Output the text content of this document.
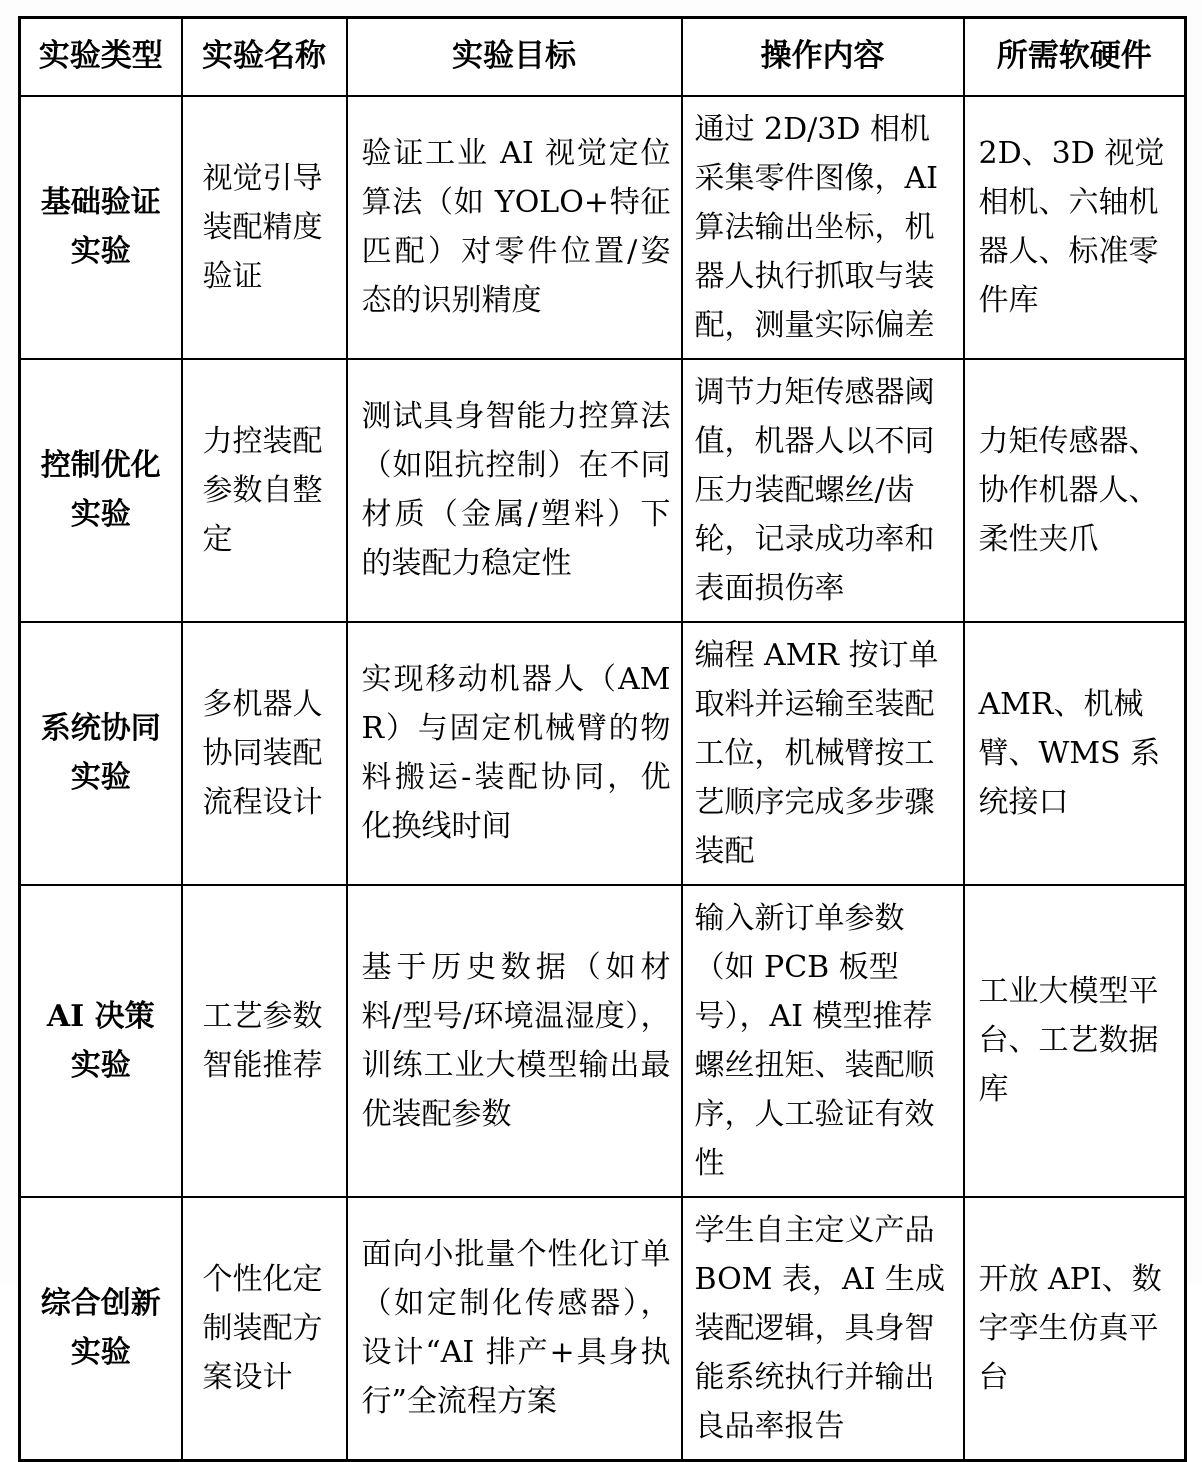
实验类型	实验名称	实验目标	操作内容	所需软硬件
基础验证实验	视觉引导装配精度验证	验证工业 AI 视觉定位算法（如 YOLO+特征匹配）对零件位置/姿态的识别精度	通过 2D/3D 相机采集零件图像，AI 算法输出坐标，机器人执行抓取与装配，测量实际偏差	2D、3D 视觉相机、六轴机器人、标准零件库
控制优化实验	力控装配参数自整定	测试具身智能力控算法（如阻抗控制）在不同材质（金属/塑料）下的装配力稳定性	调节力矩传感器阈值，机器人以不同压力装配螺丝/齿轮，记录成功率和表面损伤率	力矩传感器、协作机器人、柔性夹爪
系统协同实验	多机器人协同装配流程设计	实现移动机器人（AMR）与固定机械臂的物料搬运-装配协同，优化换线时间	编程 AMR 按订单取料并运输至装配工位，机械臂按工艺顺序完成多步骤装配	AMR、机械臂、WMS 系统接口
AI 决策实验	工艺参数智能推荐	基于历史数据（如材料/型号/环境温湿度），训练工业大模型输出最优装配参数	输入新订单参数（如 PCB 板型号），AI 模型推荐螺丝扭矩、装配顺序，人工验证有效性	工业大模型平台、工艺数据库
综合创新实验	个性化定制装配方案设计	面向小批量个性化订单（如定制化传感器），设计“AI 排产+具身执行”全流程方案	学生自主定义产品 BOM 表，AI 生成装配逻辑，具身智能系统执行并输出良品率报告	开放 API、数字孪生仿真平台
